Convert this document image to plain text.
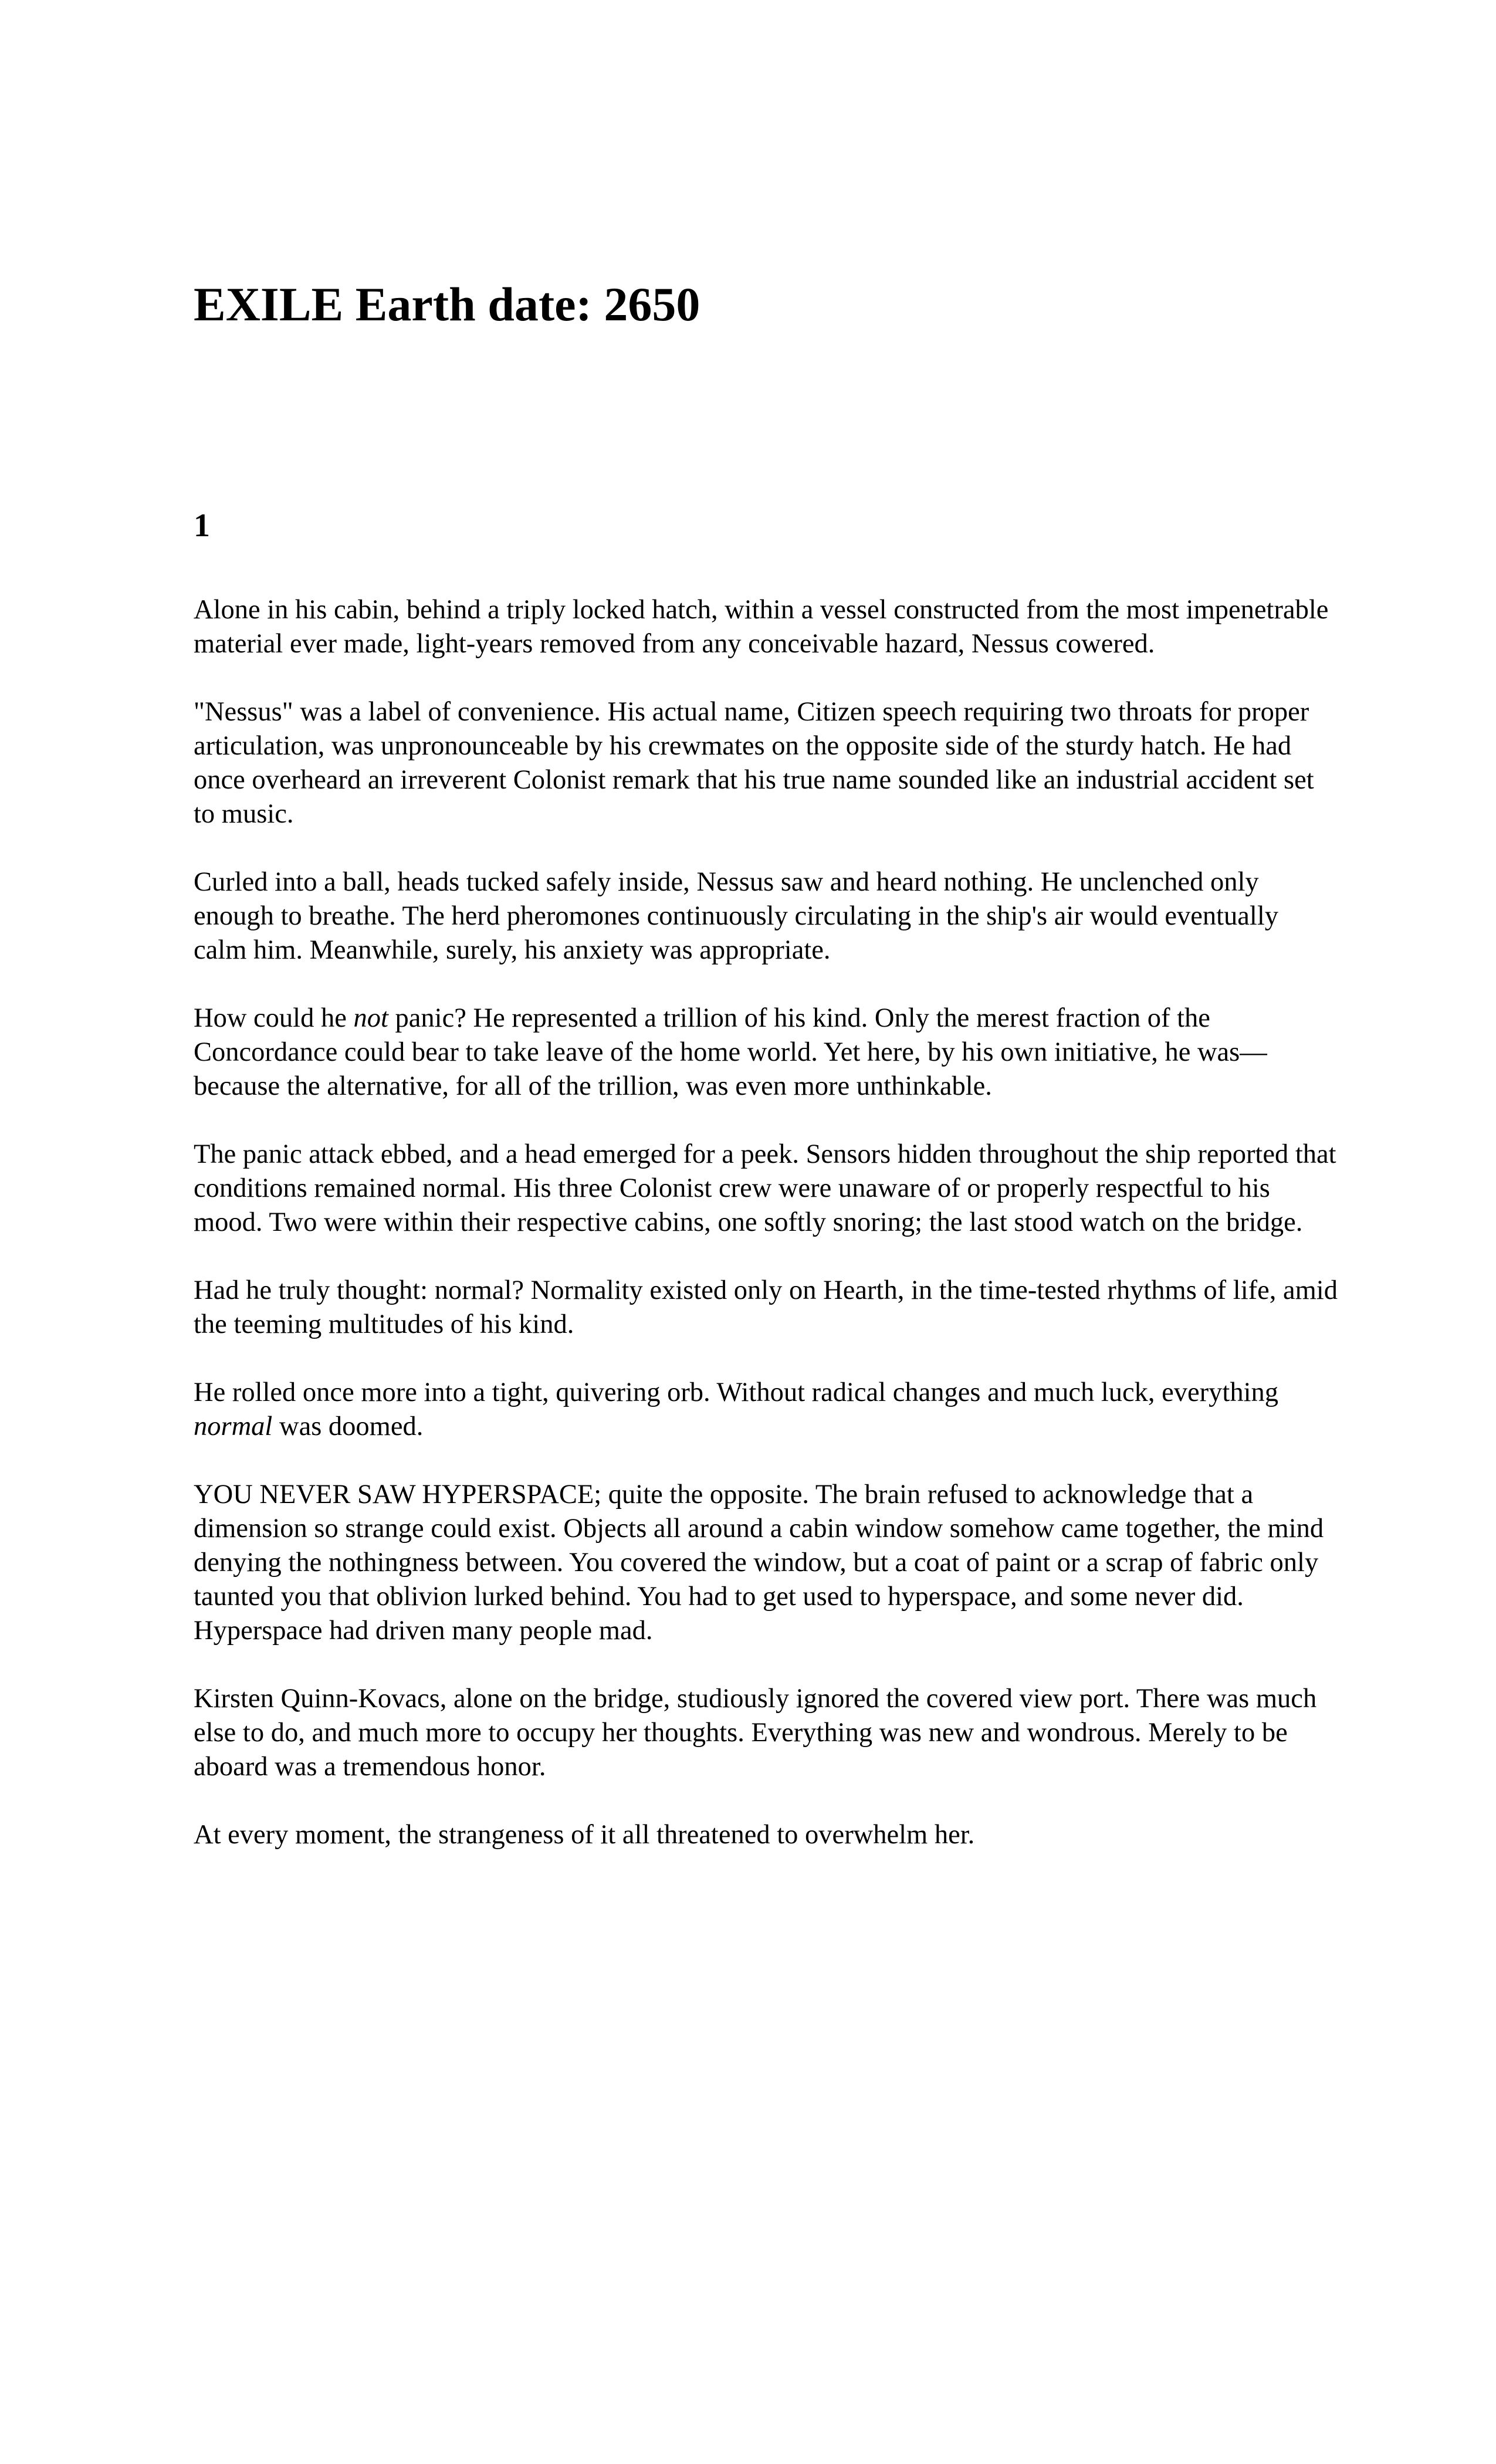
EXILE Earth date: 2650
1

Alone in his cabin, behind a triply locked hatch, within a vessel constructed from the most impenetrable material ever made, light-years removed from any conceivable hazard, Nessus cowered.

"Nessus" was a label of convenience. His actual name, Citizen speech requiring two throats for proper articulation, was unpronounceable by his crewmates on the opposite side of the sturdy hatch. He had once overheard an irreverent Colonist remark that his true name sounded like an industrial accident set to music.

Curled into a ball, heads tucked safely inside, Nessus saw and heard nothing. He unclenched only enough to breathe. The herd pheromones continuously circulating in the ship's air would eventually calm him. Meanwhile, surely, his anxiety was appropriate.

How could he not panic? He represented a trillion of his kind. Only the merest fraction of the Concordance could bear to take leave of the home world. Yet here, by his own initiative, he was—because the alternative, for all of the trillion, was even more unthinkable.

The panic attack ebbed, and a head emerged for a peek. Sensors hidden throughout the ship reported that conditions remained normal. His three Colonist crew were unaware of or properly respectful to his mood. Two were within their respective cabins, one softly snoring; the last stood watch on the bridge.

Had he truly thought: normal? Normality existed only on Hearth, in the time-tested rhythms of life, amid the teeming multitudes of his kind.

He rolled once more into a tight, quivering orb. Without radical changes and much luck, everything normal was doomed.

YOU NEVER SAW HYPERSPACE; quite the opposite. The brain refused to acknowledge that a dimension so strange could exist. Objects all around a cabin window somehow came together, the mind denying the nothingness between. You covered the window, but a coat of paint or a scrap of fabric only taunted you that oblivion lurked behind. You had to get used to hyperspace, and some never did. Hyperspace had driven many people mad.

Kirsten Quinn-Kovacs, alone on the bridge, studiously ignored the covered view port. There was much else to do, and much more to occupy her thoughts. Everything was new and wondrous. Merely to be aboard was a tremendous honor.

At every moment, the strangeness of it all threatened to overwhelm her.
